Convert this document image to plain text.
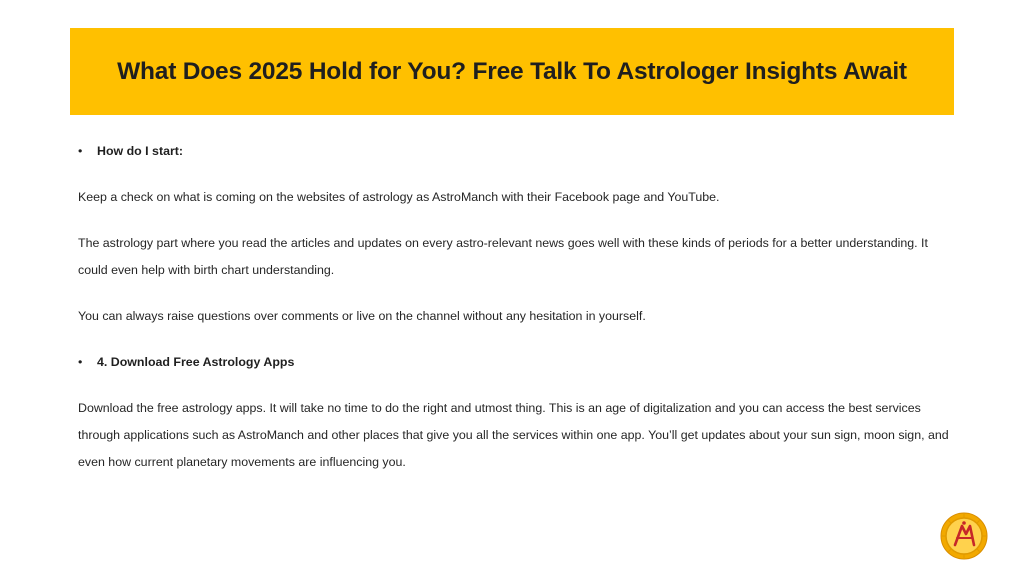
What Does 2025 Hold for You? Free Talk To Astrologer Insights Await
•	How do I start:

Keep a check on what is coming on the websites of astrology as AstroManch with their Facebook page and YouTube.

The astrology part where you read the articles and updates on every astro-relevant news goes well with these kinds of periods for a better understanding. It could even help with birth chart understanding.

You can always raise questions over comments or live on the channel without any hesitation in yourself.

•	4. Download Free Astrology Apps

Download the free astrology apps. It will take no time to do the right and utmost thing. This is an age of digitalization and you can access the best services through applications such as AstroManch and other places that give you all the services within one app. You’ll get updates about your sun sign, moon sign, and even how current planetary movements are influencing you.
